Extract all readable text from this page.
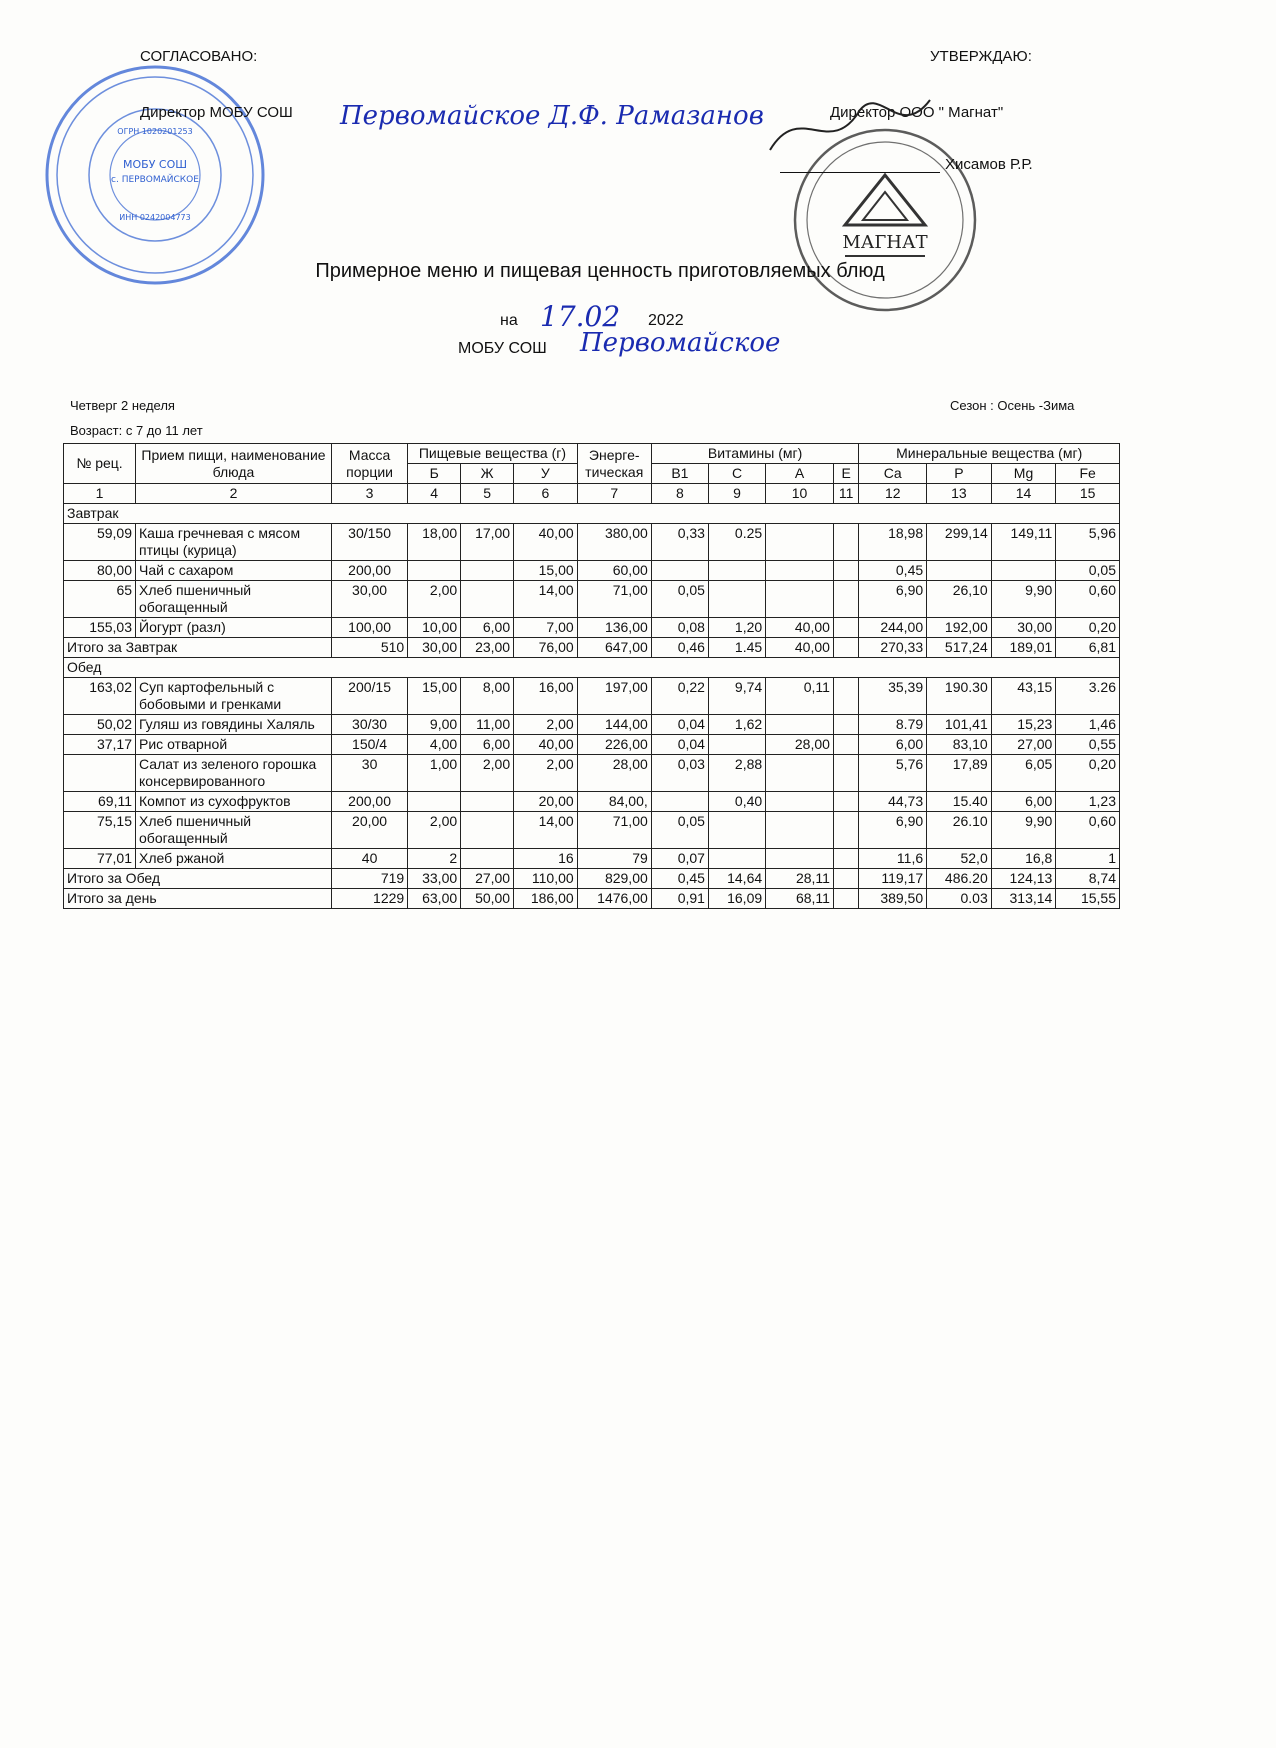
МОБУ СОШ
с. ПЕРВОМАЙСКОЕ
ИНН 0242004773
ОГРН 1020201253
МАГНАТ
СОГЛАСОВАНО:
Директор МОБУ СОШ Первомайское Д.Ф. Рамазанов
УТВЕРЖДАЮ:
Директор ООО " Магнат"
Хисамов Р.Р.
Примерное меню и пищевая ценность приготовляемых блюд
на 17.02 2022
МОБУ СОШ Первомайское
Четверг 2 неделя	Сезон : Осень -Зима
Возраст: с 7 до 11 лет
№ рец.	Прием пищи, наименование блюда	Масса порции	Пищевые вещества (г)			Энерге-тическая	Витамины (мг)				Минеральные вещества (мг)			
			Б	Ж	У		B1	C	A	E	Ca	P	Mg	Fe
1	2	3	4	5	6	7	8	9	10	11	12	13	14	15
Завтрак														
59,09	Каша гречневая с мясом птицы (курица)	30/150	18,00	17,00	40,00	380,00	0,33	0.25			18,98	299,14	149,11	5,96
80,00	Чай с сахаром	200,00			15,00	60,00					0,45			0,05
65	Хлеб пшеничный обогащенный	30,00	2,00		14,00	71,00	0,05				6,90	26,10	9,90	0,60
155,03	Йогурт (разл)	100,00	10,00	6,00	7,00	136,00	0,08	1,20	40,00		244,00	192,00	30,00	0,20
Итого за Завтрак		510	30,00	23,00	76,00	647,00	0,46	1.45	40,00		270,33	517,24	189,01	6,81
Обед														
163,02	Суп картофельный с бобовыми и гренками	200/15	15,00	8,00	16,00	197,00	0,22	9,74	0,11		35,39	190.30	43,15	3.26
50,02	Гуляш из говядины Халяль	30/30	9,00	11,00	2,00	144,00	0,04	1,62			8.79	101,41	15,23	1,46
37,17	Рис отварной	150/4	4,00	6,00	40,00	226,00	0,04		28,00		6,00	83,10	27,00	0,55
	Салат из зеленого горошка консервированного	30	1,00	2,00	2,00	28,00	0,03	2,88			5,76	17,89	6,05	0,20
69,11	Компот из сухофруктов	200,00			20,00	84,00,		0,40			44,73	15.40	6,00	1,23
75,15	Хлеб пшеничный обогащенный	20,00	2,00		14,00	71,00	0,05				6,90	26.10	9,90	0,60
77,01	Хлеб ржаной	40	2		16	79	0,07				11,6	52,0	16,8	1
Итого за Обед		719	33,00	27,00	110,00	829,00	0,45	14,64	28,11		119,17	486.20	124,13	8,74
Итого за день		1229	63,00	50,00	186,00	1476,00	0,91	16,09	68,11		389,50	0.03	313,14	15,55
